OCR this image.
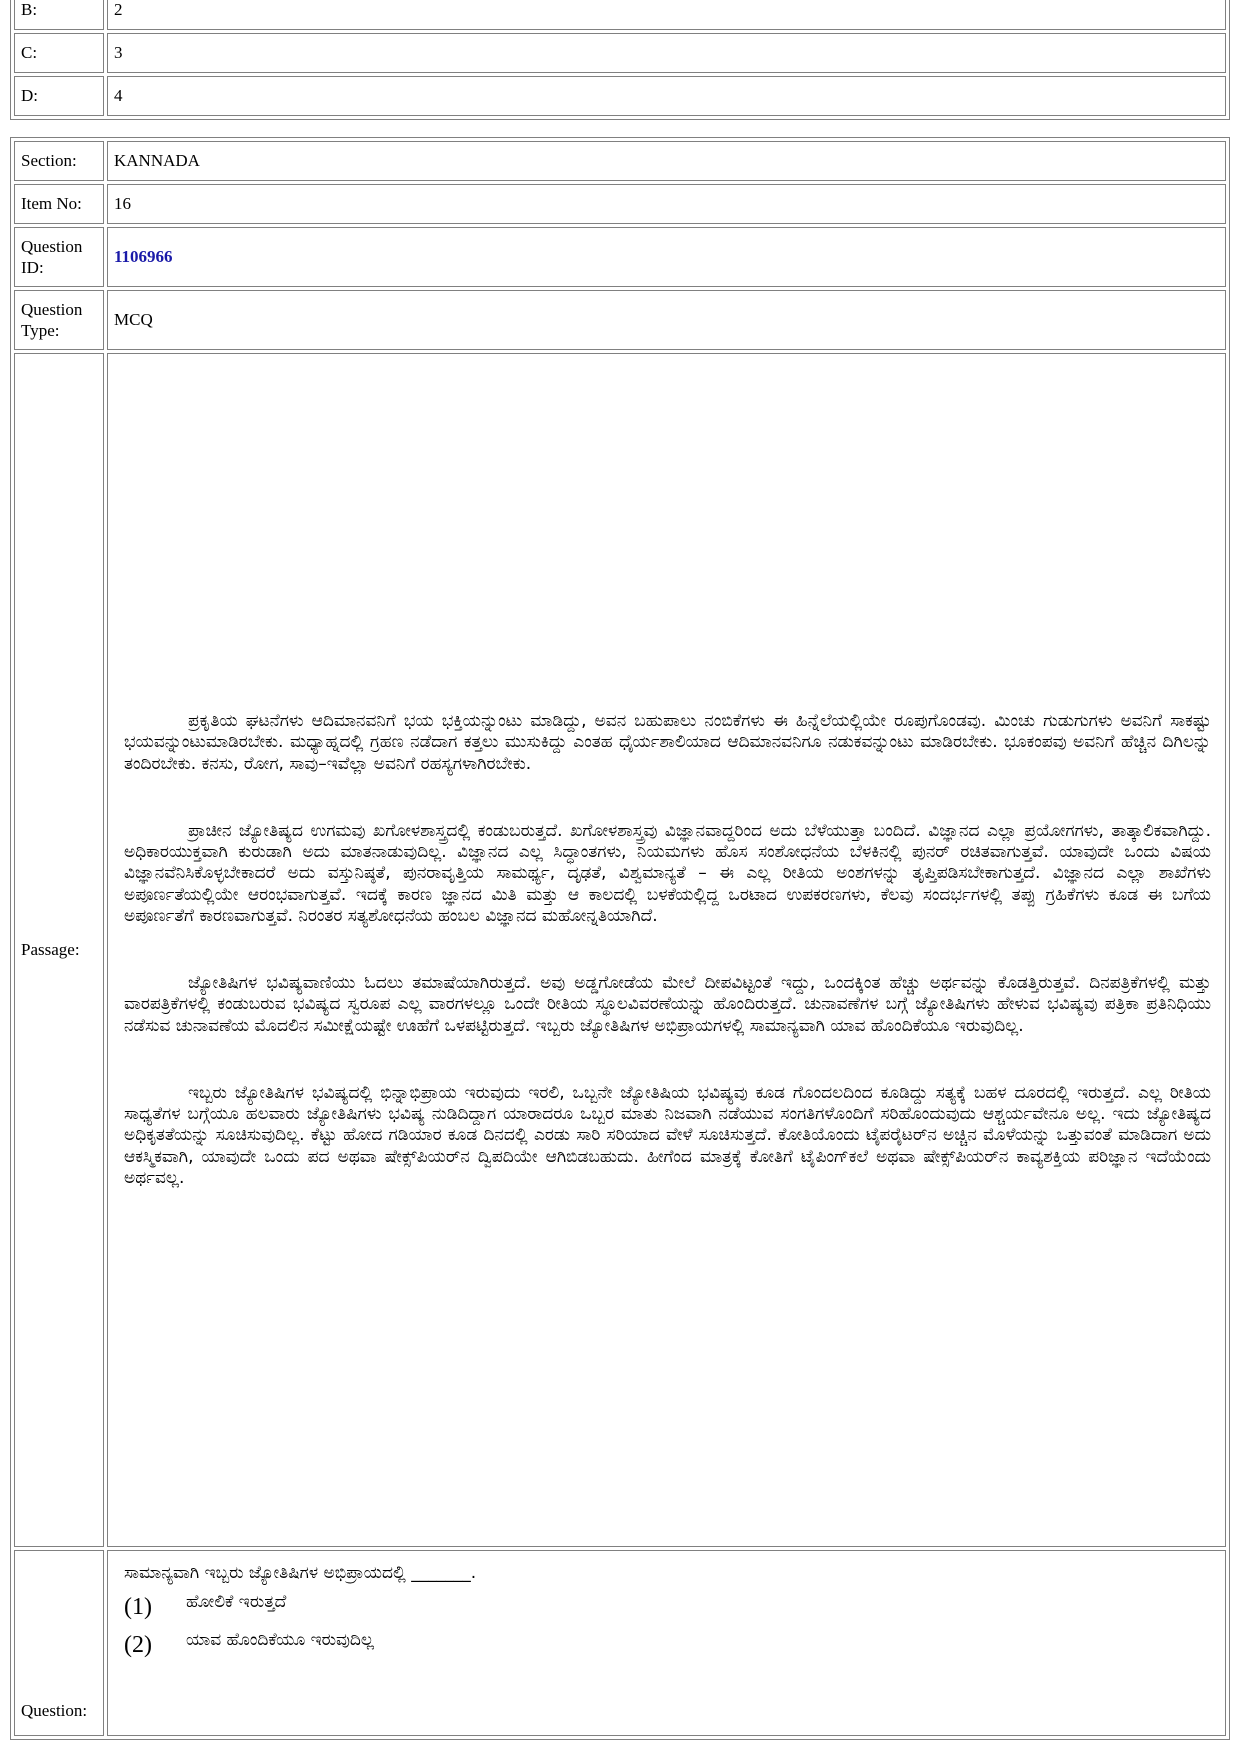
B:	2
C:	3
D:	4
Section:	KANNADA
Item No:	16
Question ID:	1106966
Question Type:	MCQ
Passage:	ಪ್ರಕೃತಿಯ ಘಟನೆಗಳು ಆದಿಮಾನವನಿಗೆ ಭಯ ಭಕ್ತಿಯನ್ನುಂಟು ಮಾಡಿದ್ದು, ಅವನ ಬಹುಪಾಲು ನಂಬಿಕೆಗಳು ಈ ಹಿನ್ನೆಲೆಯಲ್ಲಿಯೇ ರೂಪುಗೊಂಡವು. ಮಿಂಚು ಗುಡುಗುಗಳು ಅವನಿಗೆ ಸಾಕಷ್ಟು ಭಯವನ್ನುಂಟುಮಾಡಿರಬೇಕು. ಮಧ್ಯಾಹ್ನದಲ್ಲಿ ಗ್ರಹಣ ನಡೆದಾಗ ಕತ್ತಲು ಮುಸುಕಿದ್ದು ಎಂತಹ ಧೈರ್ಯಶಾಲಿಯಾದ ಆದಿಮಾನವನಿಗೂ ನಡುಕವನ್ನುಂಟು ಮಾಡಿರಬೇಕು. ಭೂಕಂಪವು ಅವನಿಗೆ ಹೆಚ್ಚಿನ ದಿಗಿಲನ್ನು ತಂದಿರಬೇಕು. ಕನಸು, ರೋಗ, ಸಾವು–ಇವೆಲ್ಲಾ ಅವನಿಗೆ ರಹಸ್ಯಗಳಾಗಿರಬೇಕು.

ಪ್ರಾಚೀನ ಜ್ಯೋತಿಷ್ಯದ ಉಗಮವು ಖಗೋಳಶಾಸ್ತ್ರದಲ್ಲಿ ಕಂಡುಬರುತ್ತದೆ. ಖಗೋಳಶಾಸ್ತ್ರವು ವಿಜ್ಞಾನವಾದ್ದರಿಂದ ಅದು ಬೆಳೆಯುತ್ತಾ ಬಂದಿದೆ. ವಿಜ್ಞಾನದ ಎಲ್ಲಾ ಪ್ರಯೋಗಗಳು, ತಾತ್ಕಾಲಿಕವಾಗಿದ್ದು. ಅಧಿಕಾರಯುಕ್ತವಾಗಿ ಕುರುಡಾಗಿ ಅದು ಮಾತನಾಡುವುದಿಲ್ಲ. ವಿಜ್ಞಾನದ ಎಲ್ಲ ಸಿದ್ಧಾಂತಗಳು, ನಿಯಮಗಳು ಹೊಸ ಸಂಶೋಧನೆಯ ಬೆಳಕಿನಲ್ಲಿ ಪುನರ್ ರಚಿತವಾಗುತ್ತವೆ. ಯಾವುದೇ ಒಂದು ವಿಷಯ ವಿಜ್ಞಾನವೆನಿಸಿಕೊಳ್ಳಬೇಕಾದರೆ ಅದು ವಸ್ತುನಿಷ್ಠತೆ, ಪುನರಾವೃತ್ತಿಯ ಸಾಮರ್ಥ್ಯ, ದೃಢತೆ, ವಿಶ್ವಮಾನ್ಯತೆ – ಈ ಎಲ್ಲ ರೀತಿಯ ಅಂಶಗಳನ್ನು ತೃಪ್ತಿಪಡಿಸಬೇಕಾಗುತ್ತದೆ. ವಿಜ್ಞಾನದ ಎಲ್ಲಾ ಶಾಖೆಗಳು ಅಪೂರ್ಣತೆಯಲ್ಲಿಯೇ ಆರಂಭವಾಗುತ್ತವೆ. ಇದಕ್ಕೆ ಕಾರಣ ಜ್ಞಾನದ ಮಿತಿ ಮತ್ತು ಆ ಕಾಲದಲ್ಲಿ ಬಳಕೆಯಲ್ಲಿದ್ದ ಒರಟಾದ ಉಪಕರಣಗಳು, ಕೆಲವು ಸಂದರ್ಭಗಳಲ್ಲಿ ತಪ್ಪು ಗ್ರಹಿಕೆಗಳು ಕೂಡ ಈ ಬಗೆಯ ಅಪೂರ್ಣತೆಗೆ ಕಾರಣವಾಗುತ್ತವೆ. ನಿರಂತರ ಸತ್ಯಶೋಧನೆಯ ಹಂಬಲ ವಿಜ್ಞಾನದ ಮಹೋನ್ನತಿಯಾಗಿದೆ.

ಜ್ಯೋತಿಷಿಗಳ ಭವಿಷ್ಯವಾಣಿಯು ಓದಲು ತಮಾಷೆಯಾಗಿರುತ್ತದೆ. ಅವು ಅಡ್ಡಗೋಡೆಯ ಮೇಲೆ ದೀಪವಿಟ್ಟಂತೆ ಇದ್ದು, ಒಂದಕ್ಕಿಂತ ಹೆಚ್ಚು ಅರ್ಥವನ್ನು ಕೊಡತ್ತಿರುತ್ತವೆ. ದಿನಪತ್ರಿಕೆಗಳಲ್ಲಿ ಮತ್ತು ವಾರಪತ್ರಿಕೆಗಳಲ್ಲಿ ಕಂಡುಬರುವ ಭವಿಷ್ಯದ ಸ್ವರೂಪ ಎಲ್ಲ ವಾರಗಳಲ್ಲೂ ಒಂದೇ ರೀತಿಯ ಸ್ಥೂಲವಿವರಣೆಯನ್ನು ಹೊಂದಿರುತ್ತದೆ. ಚುನಾವಣೆಗಳ ಬಗ್ಗೆ ಜ್ಯೋತಿಷಿಗಳು ಹೇಳುವ ಭವಿಷ್ಯವು ಪತ್ರಿಕಾ ಪ್ರತಿನಿಧಿಯು ನಡೆಸುವ ಚುನಾವಣೆಯ ಮೊದಲಿನ ಸಮೀಕ್ಷೆಯಷ್ಟೇ ಊಹೆಗೆ ಒಳಪಟ್ಟಿರುತ್ತದೆ. ಇಬ್ಬರು ಜ್ಯೋತಿಷಿಗಳ ಅಭಿಪ್ರಾಯಗಳಲ್ಲಿ ಸಾಮಾನ್ಯವಾಗಿ ಯಾವ ಹೊಂದಿಕೆಯೂ ಇರುವುದಿಲ್ಲ.

ಇಬ್ಬರು ಜ್ಯೋತಿಷಿಗಳ ಭವಿಷ್ಯದಲ್ಲಿ ಭಿನ್ನಾಭಿಪ್ರಾಯ ಇರುವುದು ಇರಲಿ, ಒಬ್ಬನೇ ಜ್ಯೋತಿಷಿಯ ಭವಿಷ್ಯವು ಕೂಡ ಗೊಂದಲದಿಂದ ಕೂಡಿದ್ದು ಸತ್ಯಕ್ಕೆ ಬಹಳ ದೂರದಲ್ಲಿ ಇರುತ್ತದೆ. ಎಲ್ಲ ರೀತಿಯ ಸಾಧ್ಯತೆಗಳ ಬಗ್ಗೆಯೂ ಹಲವಾರು ಜ್ಯೋತಿಷಿಗಳು ಭವಿಷ್ಯ ನುಡಿದಿದ್ದಾಗ ಯಾರಾದರೂ ಒಬ್ಬರ ಮಾತು ನಿಜವಾಗಿ ನಡೆಯುವ ಸಂಗತಿಗಳೊಂದಿಗೆ ಸರಿಹೊಂದುವುದು ಆಶ್ಚರ್ಯವೇನೂ ಅಲ್ಲ. ಇದು ಜ್ಯೋತಿಷ್ಯದ ಅಧಿಕೃತತೆಯನ್ನು ಸೂಚಿಸುವುದಿಲ್ಲ. ಕೆಟ್ಟು ಹೋದ ಗಡಿಯಾರ ಕೂಡ ದಿನದಲ್ಲಿ ಎರಡು ಸಾರಿ ಸರಿಯಾದ ವೇಳೆ ಸೂಚಿಸುತ್ತದೆ. ಕೋತಿಯೊಂದು ಟೈಪರೈಟರ್‌ನ ಅಚ್ಚಿನ ಮೊಳೆಯನ್ನು ಒತ್ತುವಂತೆ ಮಾಡಿದಾಗ ಅದು ಆಕಸ್ಮಿಕವಾಗಿ, ಯಾವುದೇ ಒಂದು ಪದ ಅಥವಾ ಷೇಕ್ಸ್‌ಪಿಯರ್‌ನ ದ್ವಿಪದಿಯೇ ಆಗಿಬಿಡಬಹುದು. ಹೀಗೆಂದ ಮಾತ್ರಕ್ಕೆ ಕೋತಿಗೆ ಟೈಪಿಂಗ್‌ಕಲೆ ಅಥವಾ ಷೇಕ್ಸ್‌ಪಿಯರ್‌ನ ಕಾವ್ಯಶಕ್ತಿಯ ಪರಿಜ್ಞಾನ ಇದೆಯೆಂದು ಅರ್ಥವಲ್ಲ.

Question:	ಸಾಮಾನ್ಯವಾಗಿ ಇಬ್ಬರು ಜ್ಯೋತಿಷಿಗಳ ಅಭಿಪ್ರಾಯದಲ್ಲಿ _______.
(1) ಹೋಲಿಕೆ ಇರುತ್ತದೆ
(2) ಯಾವ ಹೊಂದಿಕೆಯೂ ಇರುವುದಿಲ್ಲ
